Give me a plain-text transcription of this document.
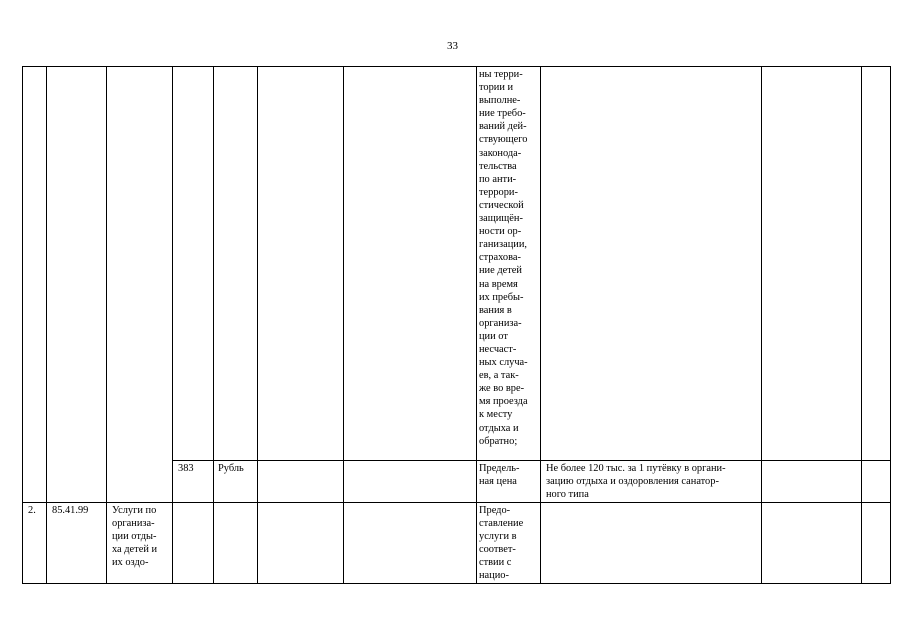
33
ны терри-
тории и
выполне-
ние требо-
ваний дей-
ствующего
законода-
тельства
по анти-
террори-
стической
защищён-
ности ор-
ганизации,
страхова-
ние детей
на время
их пребы-
вания в
организа-
ции от
несчаст-
ных случа-
ев, а так-
же во вре-
мя проезда
к месту
отдыха и
обратно;
383 Рубль	Предель-
ная цена
Не более 120 тыс. за 1 путёвку в органи-
зацию отдыха и оздоровления санатор-
ного типа
2. 85.41.99 Услуги по
организа-
ции отды-
ха детей и
их оздо-
Предо-
ставление
услуги в
соответ-
ствии с
нацио-
